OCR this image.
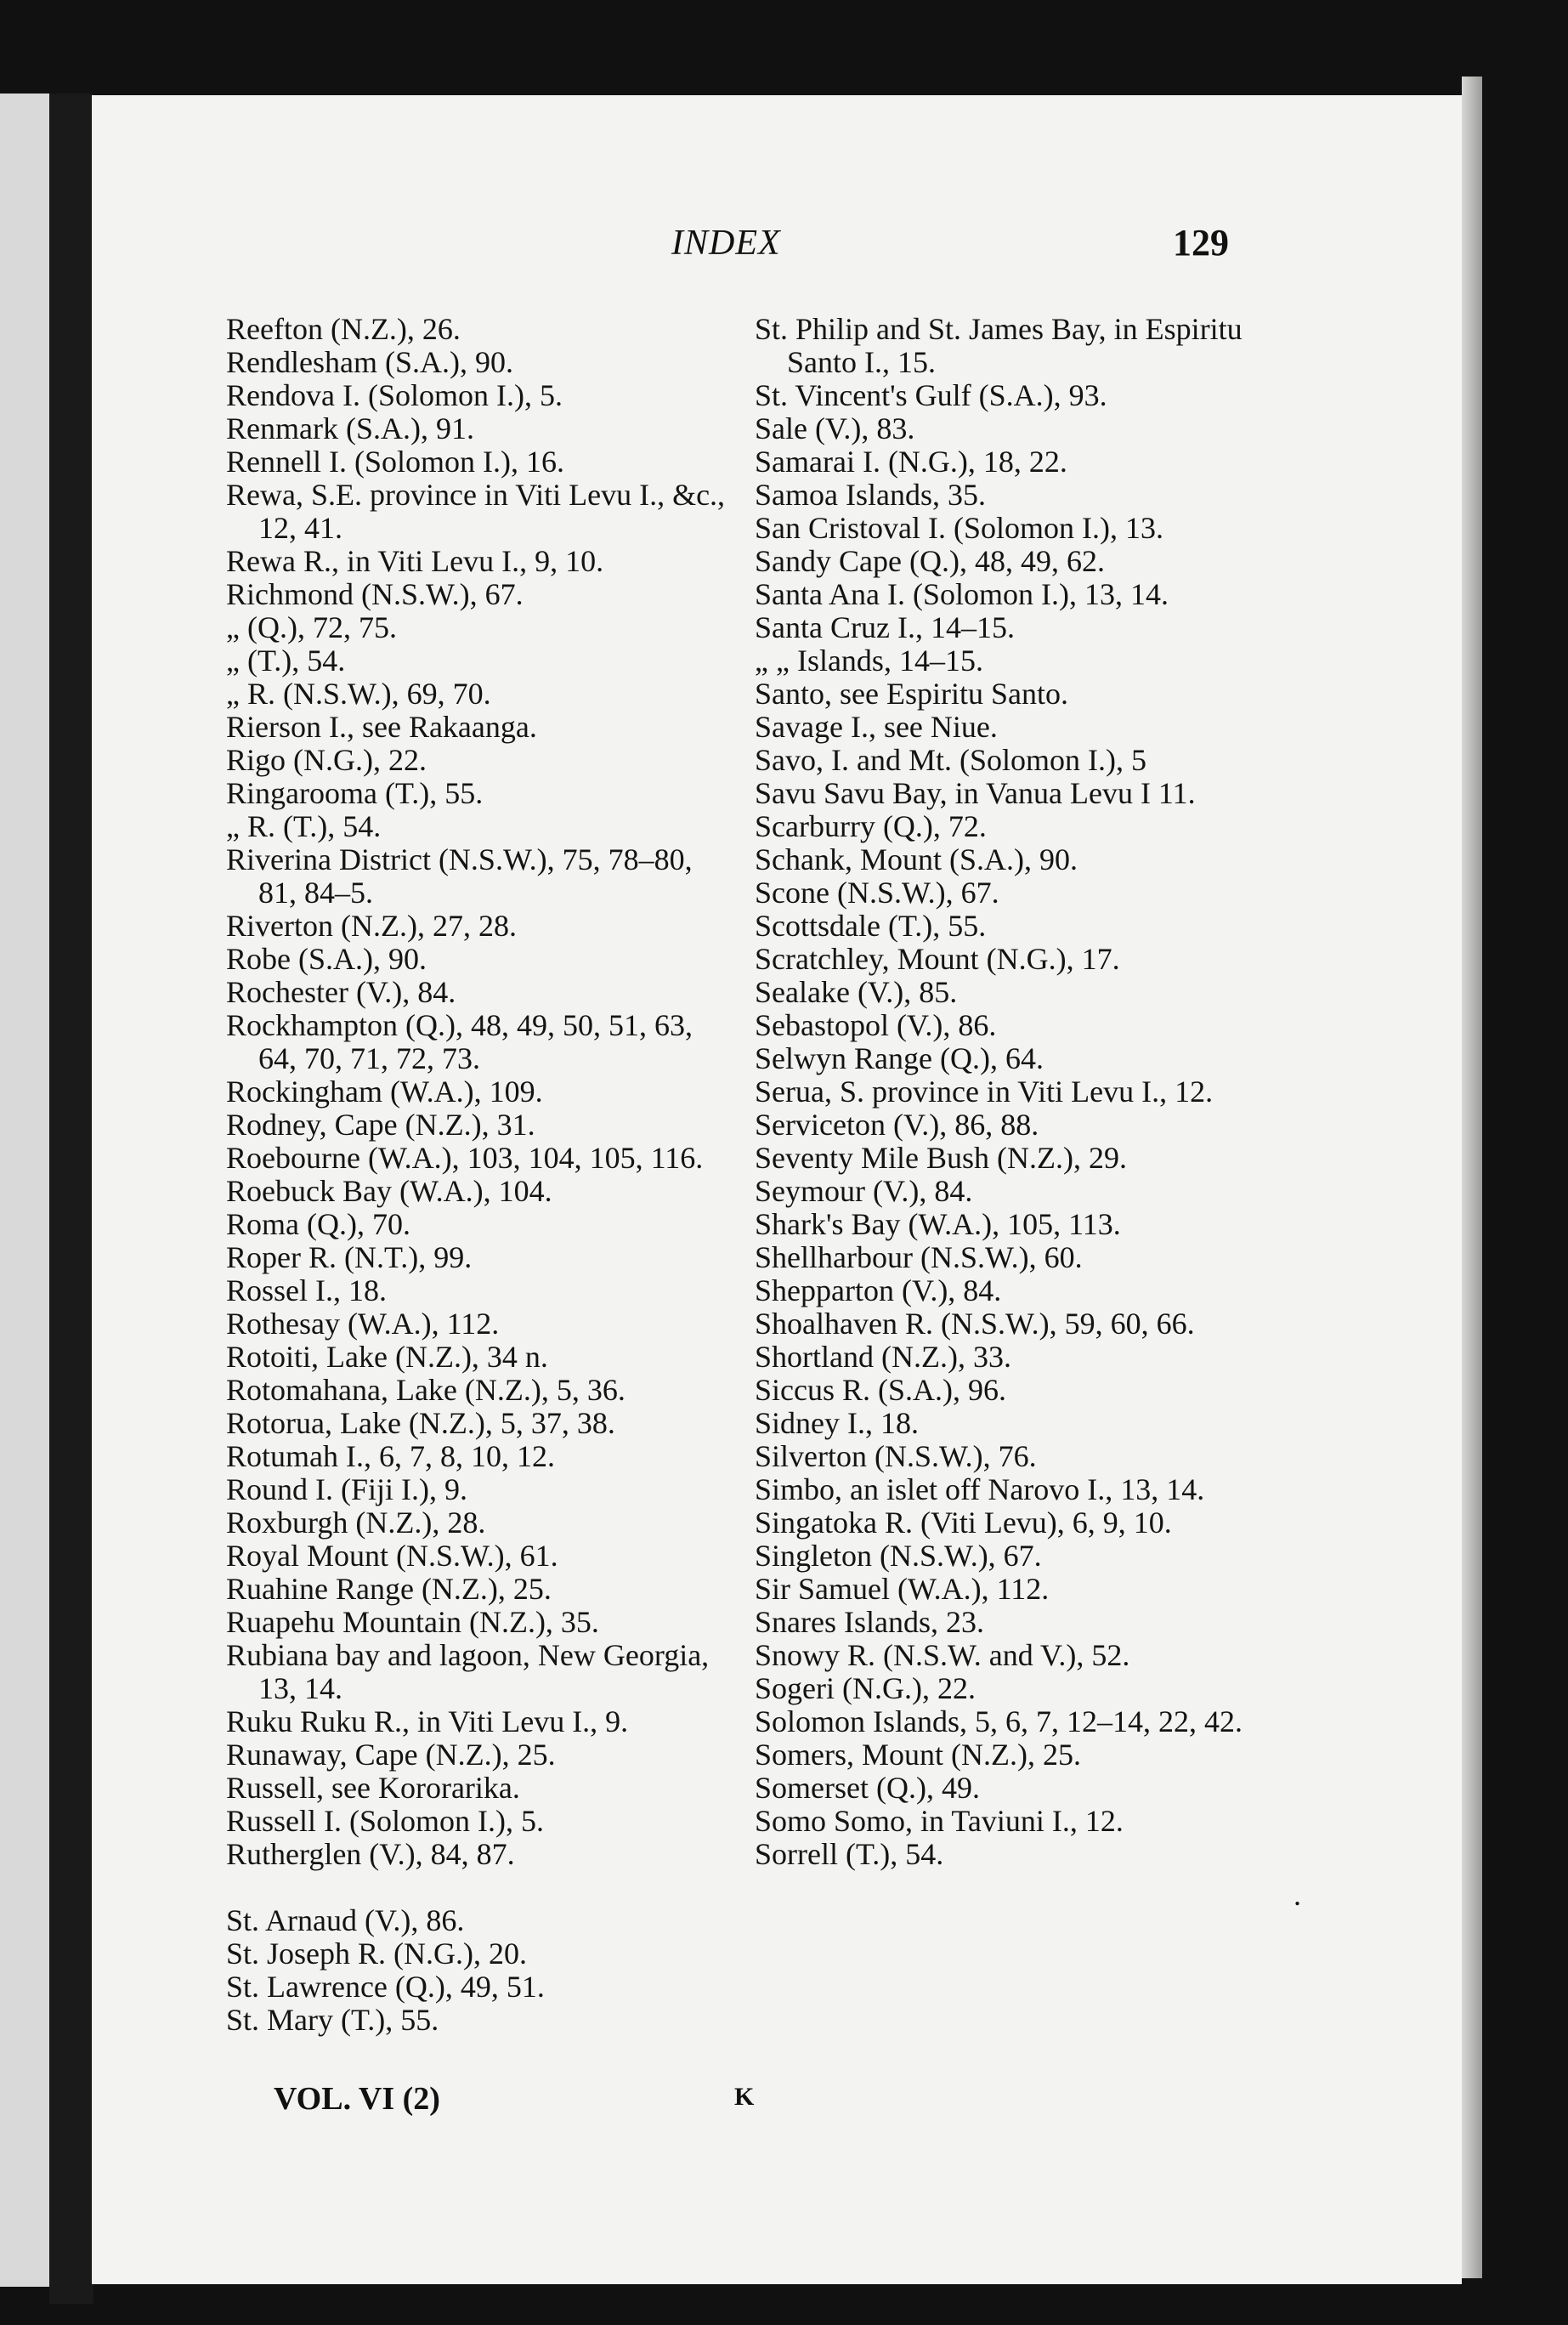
INDEX	129
Reefton (N.Z.), 26.
Rendlesham (S.A.), 90.
Rendova I. (Solomon I.), 5.
Renmark (S.A.), 91.
Rennell I. (Solomon I.), 16.
Rewa, S.E. province in Viti Levu I., &c., 12, 41.
Rewa R., in Viti Levu I., 9, 10.
Richmond (N.S.W.), 67.
„ (Q.), 72, 75.
„ (T.), 54.
„ R. (N.S.W.), 69, 70.
Rierson I., see Rakaanga.
Rigo (N.G.), 22.
Ringarooma (T.), 55.
„ R. (T.), 54.
Riverina District (N.S.W.), 75, 78–80, 81, 84–5.
Riverton (N.Z.), 27, 28.
Robe (S.A.), 90.
Rochester (V.), 84.
Rockhampton (Q.), 48, 49, 50, 51, 63, 64, 70, 71, 72, 73.
Rockingham (W.A.), 109.
Rodney, Cape (N.Z.), 31.
Roebourne (W.A.), 103, 104, 105, 116.
Roebuck Bay (W.A.), 104.
Roma (Q.), 70.
Roper R. (N.T.), 99.
Rossel I., 18.
Rothesay (W.A.), 112.
Rotoiti, Lake (N.Z.), 34 n.
Rotomahana, Lake (N.Z.), 5, 36.
Rotorua, Lake (N.Z.), 5, 37, 38.
Rotumah I., 6, 7, 8, 10, 12.
Round I. (Fiji I.), 9.
Roxburgh (N.Z.), 28.
Royal Mount (N.S.W.), 61.
Ruahine Range (N.Z.), 25.
Ruapehu Mountain (N.Z.), 35.
Rubiana bay and lagoon, New Georgia, 13, 14.
Ruku Ruku R., in Viti Levu I., 9.
Runaway, Cape (N.Z.), 25.
Russell, see Kororarika.
Russell I. (Solomon I.), 5.
Rutherglen (V.), 84, 87.
St. Arnaud (V.), 86.
St. Joseph R. (N.G.), 20.
St. Lawrence (Q.), 49, 51.
St. Mary (T.), 55.
St. Philip and St. James Bay, in Espiritu Santo I., 15.
St. Vincent's Gulf (S.A.), 93.
Sale (V.), 83.
Samarai I. (N.G.), 18, 22.
Samoa Islands, 35.
San Cristoval I. (Solomon I.), 13.
Sandy Cape (Q.), 48, 49, 62.
Santa Ana I. (Solomon I.), 13, 14.
Santa Cruz I., 14–15.
„ „ Islands, 14–15.
Santo, see Espiritu Santo.
Savage I., see Niue.
Savo, I. and Mt. (Solomon I.), 5
Savu Savu Bay, in Vanua Levu I 11.
Scarburry (Q.), 72.
Schank, Mount (S.A.), 90.
Scone (N.S.W.), 67.
Scottsdale (T.), 55.
Scratchley, Mount (N.G.), 17.
Sealake (V.), 85.
Sebastopol (V.), 86.
Selwyn Range (Q.), 64.
Serua, S. province in Viti Levu I., 12.
Serviceton (V.), 86, 88.
Seventy Mile Bush (N.Z.), 29.
Seymour (V.), 84.
Shark's Bay (W.A.), 105, 113.
Shellharbour (N.S.W.), 60.
Shepparton (V.), 84.
Shoalhaven R. (N.S.W.), 59, 60, 66.
Shortland (N.Z.), 33.
Siccus R. (S.A.), 96.
Sidney I., 18.
Silverton (N.S.W.), 76.
Simbo, an islet off Narovo I., 13, 14.
Singatoka R. (Viti Levu), 6, 9, 10.
Singleton (N.S.W.), 67.
Sir Samuel (W.A.), 112.
Snares Islands, 23.
Snowy R. (N.S.W. and V.), 52.
Sogeri (N.G.), 22.
Solomon Islands, 5, 6, 7, 12–14, 22, 42.
Somers, Mount (N.Z.), 25.
Somerset (Q.), 49.
Somo Somo, in Taviuni I., 12.
Sorrell (T.), 54.
VOL. VI (2)	K
.
